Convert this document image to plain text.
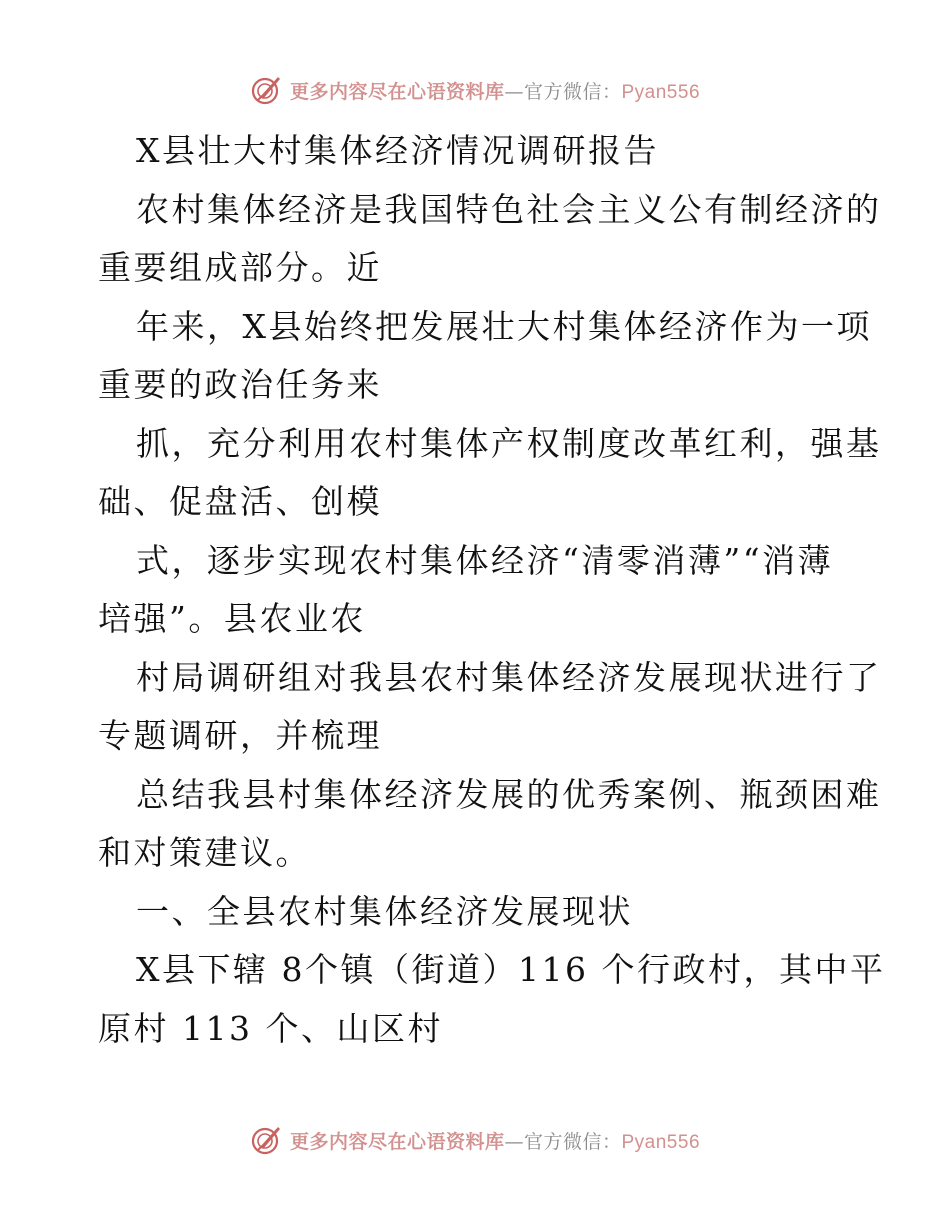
更多内容尽在心语资料库—官方微信：Pyan556

X县壮大村集体经济情况调研报告

农村集体经济是我国特色社会主义公有制经济的

重要组成部分。近

年来，X县始终把发展壮大村集体经济作为一项

重要的政治任务来

抓，充分利用农村集体产权制度改革红利，强基

础、促盘活、创模

式，逐步实现农村集体经济“清零消薄”“消薄

培强”。县农业农

村局调研组对我县农村集体经济发展现状进行了

专题调研，并梳理

总结我县村集体经济发展的优秀案例、瓶颈困难

和对策建议。

一、全县农村集体经济发展现状

X县下辖 8个镇（街道）116 个行政村，其中平

原村 113 个、山区村

更多内容尽在心语资料库—官方微信：Pyan556
